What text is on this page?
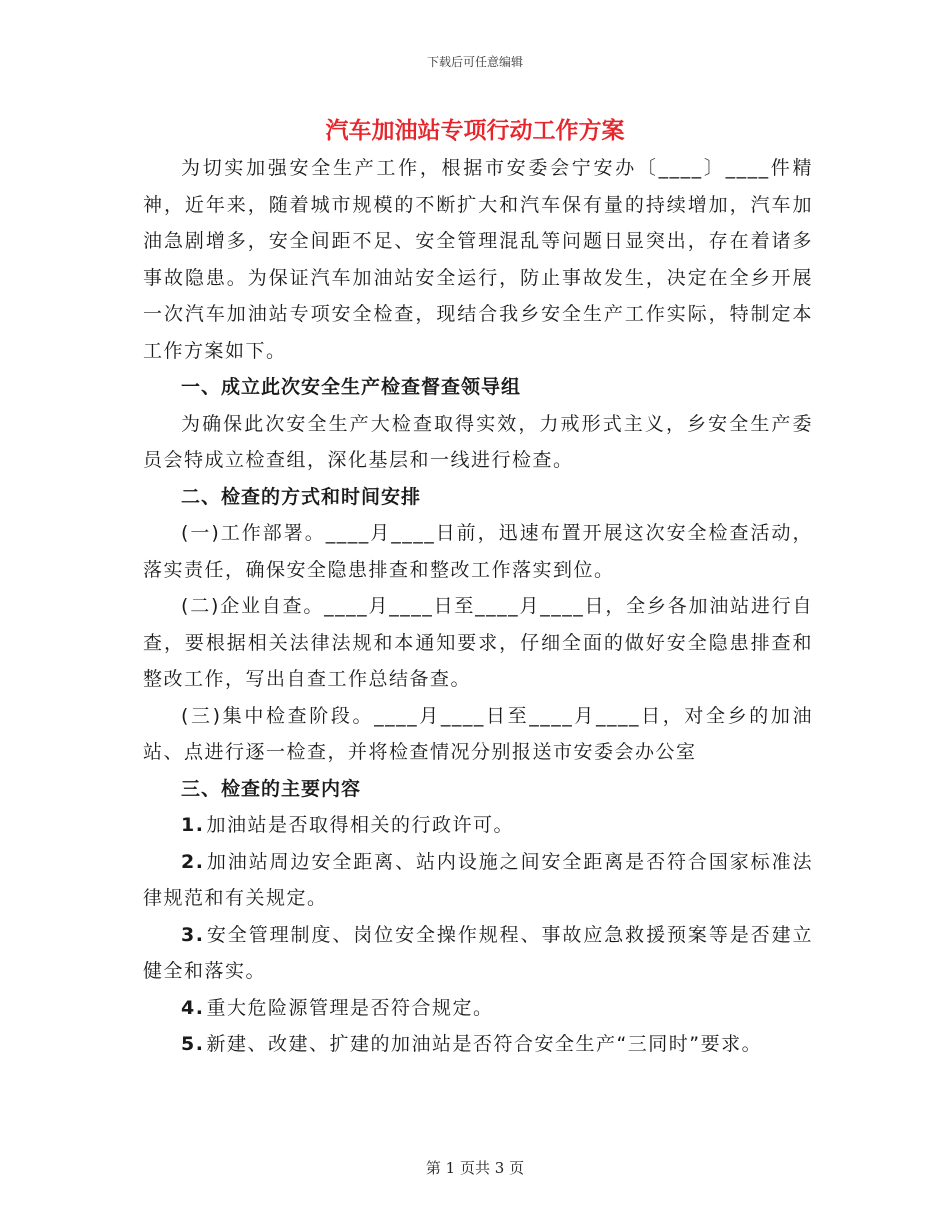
下载后可任意编辑
汽车加油站专项行动工作方案

为切实加强安全生产工作，根据市安委会宁安办〔____〕____件精神，近年来，随着城市规模的不断扩大和汽车保有量的持续增加，汽车加油急剧增多，安全间距不足、安全管理混乱等问题日显突出，存在着诸多事故隐患。为保证汽车加油站安全运行，防止事故发生，决定在全乡开展一次汽车加油站专项安全检查，现结合我乡安全生产工作实际，特制定本工作方案如下。

一、成立此次安全生产检查督查领导组

为确保此次安全生产大检查取得实效，力戒形式主义，乡安全生产委员会特成立检查组，深化基层和一线进行检查。

二、检查的方式和时间安排

(一)工作部署。____月____日前，迅速布置开展这次安全检查活动，落实责任，确保安全隐患排查和整改工作落实到位。

(二)企业自查。____月____日至____月____日，全乡各加油站进行自查，要根据相关法律法规和本通知要求，仔细全面的做好安全隐患排查和整改工作，写出自查工作总结备查。

(三)集中检查阶段。____月____日至____月____日，对全乡的加油站、点进行逐一检查，并将检查情况分别报送市安委会办公室

三、检查的主要内容

1. 加油站是否取得相关的行政许可。

2. 加油站周边安全距离、站内设施之间安全距离是否符合国家标准法律规范和有关规定。

3. 安全管理制度、岗位安全操作规程、事故应急救援预案等是否建立健全和落实。

4. 重大危险源管理是否符合规定。

5. 新建、改建、扩建的加油站是否符合安全生产“三同时”要求。

第 1 页共 3 页
